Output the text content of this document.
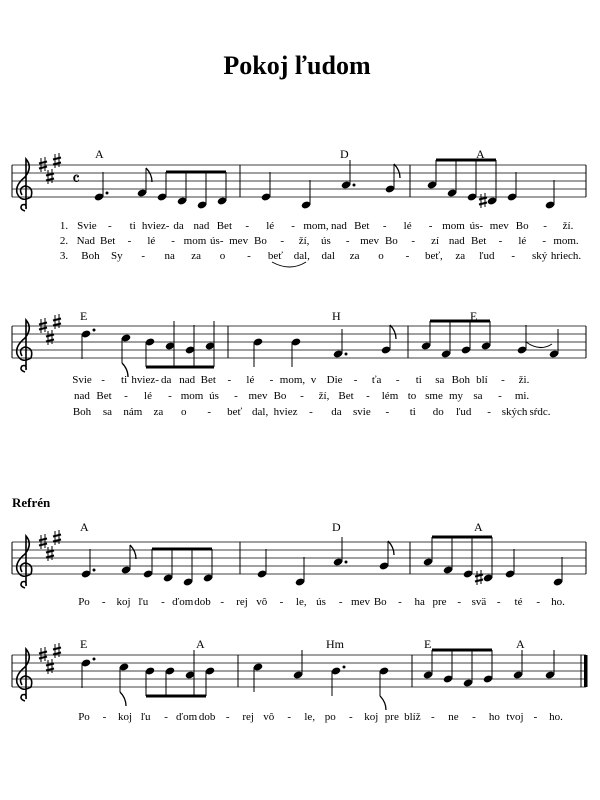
Pokoj ľudom
Refrén
𝄴
A	D	A
1. Svie - ti hviez- da nad Bet - lé - mom, nad Bet - lé - mom ús- mev Bo - ží.
2. Nad Bet - lé - mom ús- mev Bo - ží, ús - mev Bo - zí nad Bet - lé - mom.
3. Boh Sy - na za o - beť dal, dal za o - beť, za ľud - ský hriech.
E	H	E
Svie - ti hviez- da nad Bet - lé - mom, v Die - ťa - ti sa Boh blí - ži.
nad Bet - lé - mom ús - mev Bo - ží, Bet - lém to sme my sa - mi.
Boh sa nám za o - beť dal, hviez - da svie - ti do ľud - ských sŕdc.
A	D	A
Po - koj ľu - ďom dob - rej vô - le, ús - mev Bo - ha pre - svä - té - ho.
E	A	Hm	E	A
Po - koj ľu - ďom dob - rej vô - le, po - koj pre blíž - ne - ho tvoj - ho.
